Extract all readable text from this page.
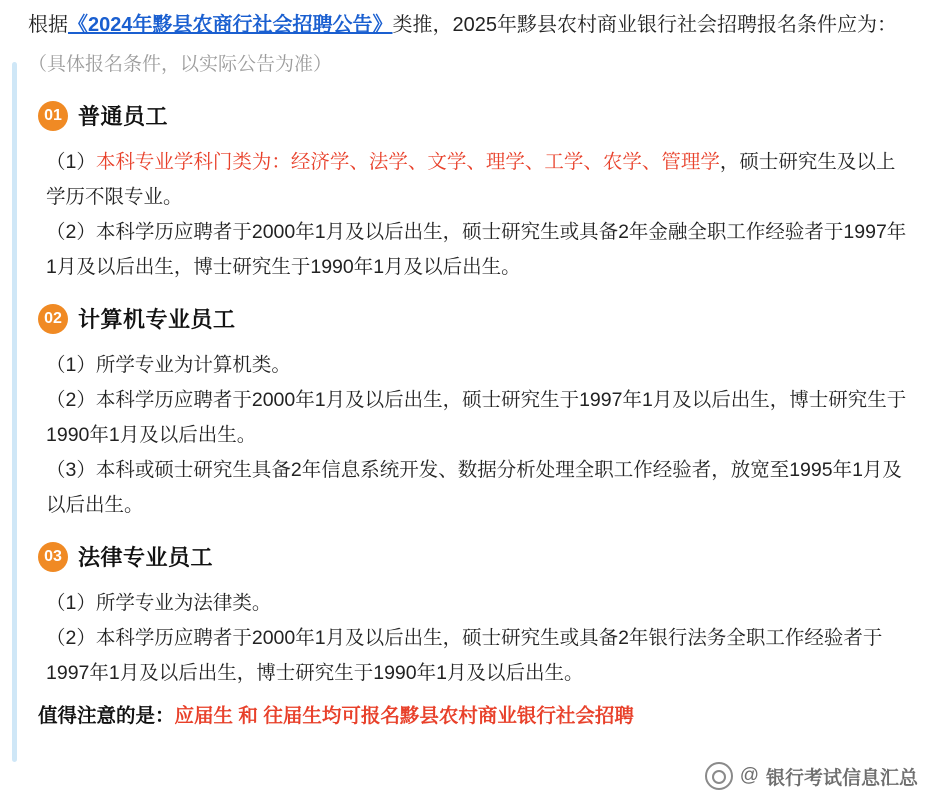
根据《2024年黟县农商行社会招聘公告》类推，2025年黟县农村商业银行社会招聘报名条件应为：

（具体报名条件，以实际公告为准）

01 普通员工

（1）本科专业学科门类为：经济学、法学、文学、理学、工学、农学、管理学，硕士研究生及以上学历不限专业。

（2）本科学历应聘者于2000年1月及以后出生，硕士研究生或具备2年金融全职工作经验者于1997年1月及以后出生，博士研究生于1990年1月及以后出生。

02 计算机专业员工

（1）所学专业为计算机类。

（2）本科学历应聘者于2000年1月及以后出生，硕士研究生于1997年1月及以后出生，博士研究生于1990年1月及以后出生。

（3）本科或硕士研究生具备2年信息系统开发、数据分析处理全职工作经验者，放宽至1995年1月及以后出生。

03 法律专业员工

（1）所学专业为法律类。

（2）本科学历应聘者于2000年1月及以后出生，硕士研究生或具备2年银行法务全职工作经验者于1997年1月及以后出生，博士研究生于1990年1月及以后出生。

值得注意的是：应届生 和 往届生均可报名黟县农村商业银行社会招聘

@ 银行考试信息汇总
